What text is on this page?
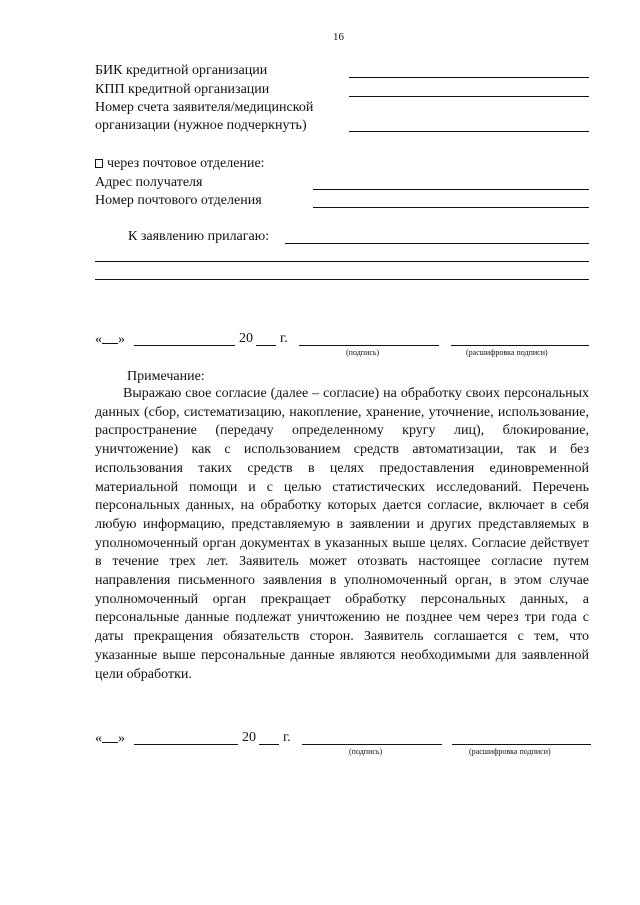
16
БИК кредитной организации
КПП кредитной организации
Номер счета заявителя/медицинской
организации (нужное подчеркнуть)
через почтовое отделение:
Адрес получателя
Номер почтового отделения
К заявлению прилагаю:
« »	20 г.
(подпись)	(расшифровка подписи)
Примечание:
Выражаю свое согласие (далее – согласие) на обработку своих персональных данных (сбор, систематизацию, накопление, хранение, уточнение, использование, распространение (передачу определенному кругу лиц), блокирование, уничтожение) как с использованием средств автоматизации, так и без использования таких средств в целях предоставления единовременной материальной помощи и с целью статистических исследований. Перечень персональных данных, на обработку которых дается согласие, включает в себя любую информацию, представляемую в заявлении и других представляемых в уполномоченный орган документах в указанных выше целях. Согласие действует в течение трех лет. Заявитель может отозвать настоящее согласие путем направления письменного заявления в уполномоченный орган, в этом случае уполномоченный орган прекращает обработку персональных данных, а персональные данные подлежат уничтожению не позднее чем через три года с даты прекращения обязательств сторон. Заявитель соглашается с тем, что указанные выше персональные данные являются необходимыми для заявленной цели обработки.
« »	20 г.
(подпись)	(расшифровка подписи)
